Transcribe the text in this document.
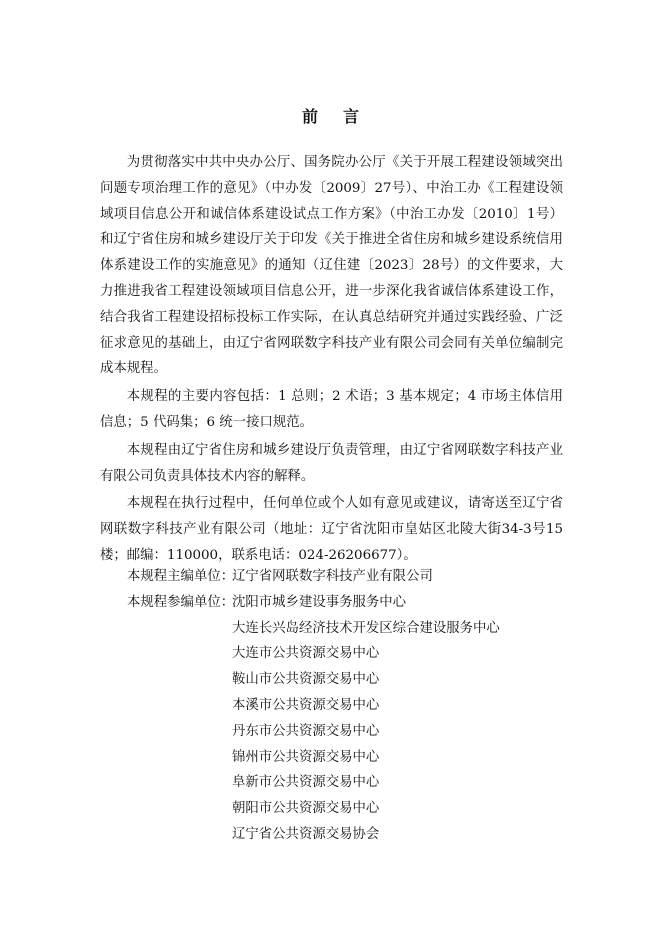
前 言

为贯彻落实中共中央办公厅、国务院办公厅《关于开展工程建设领域突出问题专项治理工作的意见》（中办发〔2009〕27号）、中治工办《工程建设领域项目信息公开和诚信体系建设试点工作方案》（中治工办发〔2010〕1号）和辽宁省住房和城乡建设厅关于印发《关于推进全省住房和城乡建设系统信用体系建设工作的实施意见》的通知（辽住建〔2023〕28号）的文件要求，大力推进我省工程建设领域项目信息公开，进一步深化我省诚信体系建设工作，结合我省工程建设招标投标工作实际，在认真总结研究并通过实践经验、广泛征求意见的基础上，由辽宁省网联数字科技产业有限公司会同有关单位编制完成本规程。

本规程的主要内容包括：1 总则；2 术语；3 基本规定；4 市场主体信用信息；5 代码集；6 统一接口规范。

本规程由辽宁省住房和城乡建设厅负责管理，由辽宁省网联数字科技产业有限公司负责具体技术内容的解释。

本规程在执行过程中，任何单位或个人如有意见或建议，请寄送至辽宁省网联数字科技产业有限公司（地址：辽宁省沈阳市皇姑区北陵大街34-3号15楼；邮编：110000，联系电话：024-26206677）。

本规程主编单位：
辽宁省网联数字科技产业有限公司
本规程参编单位：
沈阳市城乡建设事务服务中心
大连长兴岛经济技术开发区综合建设服务中心
大连市公共资源交易中心
鞍山市公共资源交易中心
本溪市公共资源交易中心
丹东市公共资源交易中心
锦州市公共资源交易中心
阜新市公共资源交易中心
朝阳市公共资源交易中心
辽宁省公共资源交易协会
